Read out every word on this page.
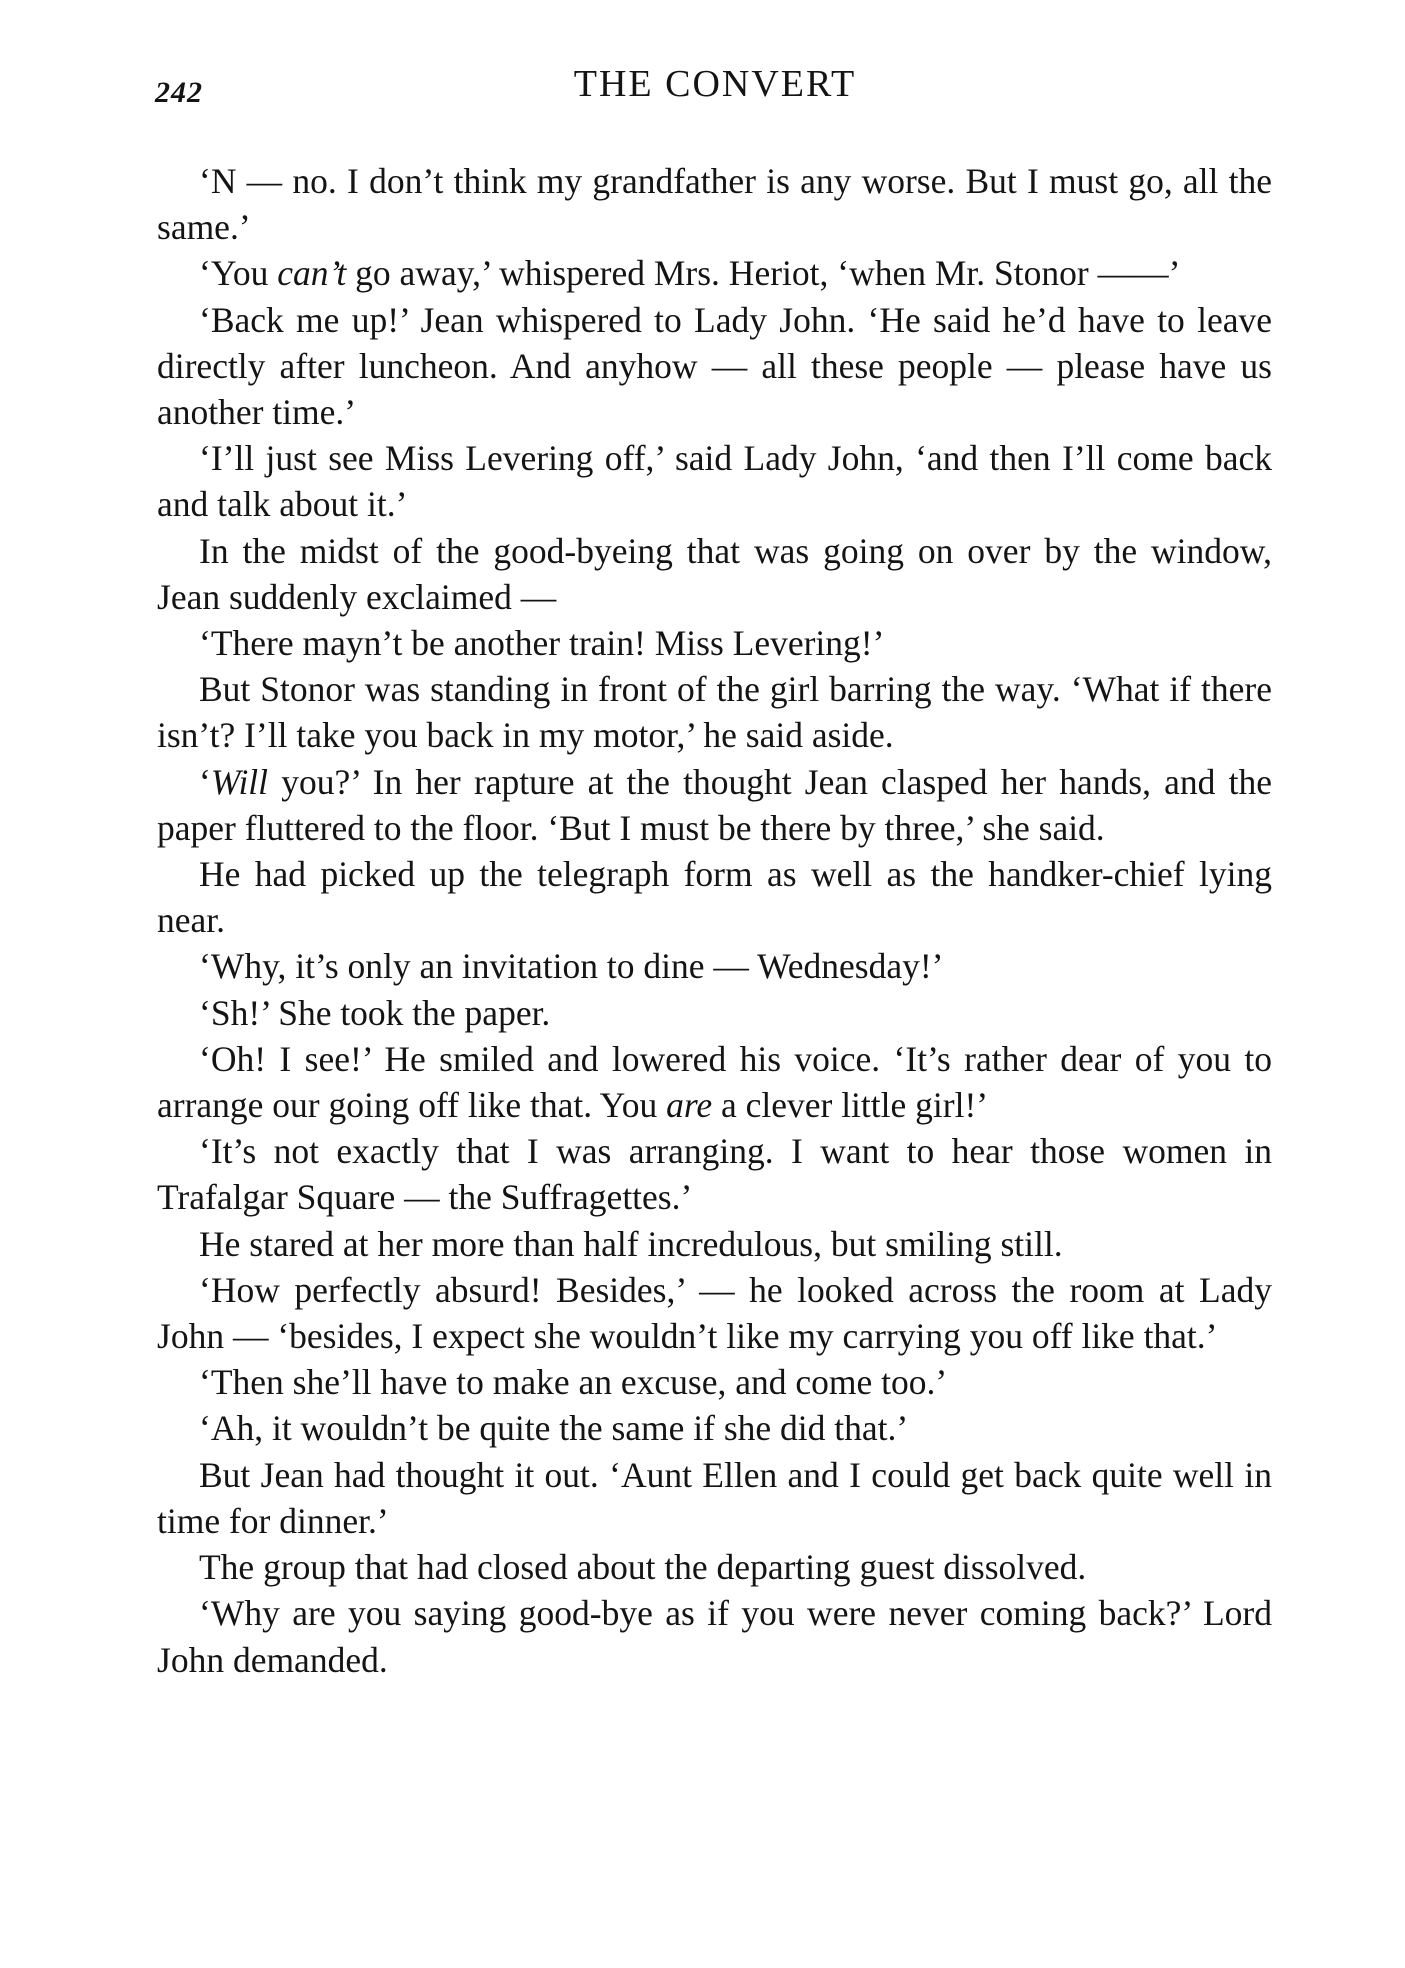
242	THE CONVERT

‘N — no. I don’t think my grandfather is any worse. But I must go, all the same.’

‘You can’t go away,’ whispered Mrs. Heriot, ‘when Mr. Stonor ——’

‘Back me up!’ Jean whispered to Lady John. ‘He said he’d have to leave directly after luncheon. And anyhow — all these people — please have us another time.’

‘I’ll just see Miss Levering off,’ said Lady John, ‘and then I’ll come back and talk about it.’

In the midst of the good-byeing that was going on over by the window, Jean suddenly exclaimed —

‘There mayn’t be another train! Miss Levering!’

But Stonor was standing in front of the girl barring the way. ‘What if there isn’t? I’ll take you back in my motor,’ he said aside.

‘Will you?’ In her rapture at the thought Jean clasped her hands, and the paper fluttered to the floor. ‘But I must be there by three,’ she said.

He had picked up the telegraph form as well as the handker-chief lying near.

‘Why, it’s only an invitation to dine — Wednesday!’

‘Sh!’ She took the paper.

‘Oh! I see!’ He smiled and lowered his voice. ‘It’s rather dear of you to arrange our going off like that. You are a clever little girl!’

‘It’s not exactly that I was arranging. I want to hear those women in Trafalgar Square — the Suffragettes.’

He stared at her more than half incredulous, but smiling still.

‘How perfectly absurd! Besides,’ — he looked across the room at Lady John — ‘besides, I expect she wouldn’t like my carrying you off like that.’

‘Then she’ll have to make an excuse, and come too.’

‘Ah, it wouldn’t be quite the same if she did that.’

But Jean had thought it out. ‘Aunt Ellen and I could get back quite well in time for dinner.’

The group that had closed about the departing guest dissolved.

‘Why are you saying good-bye as if you were never coming back?’ Lord John demanded.
